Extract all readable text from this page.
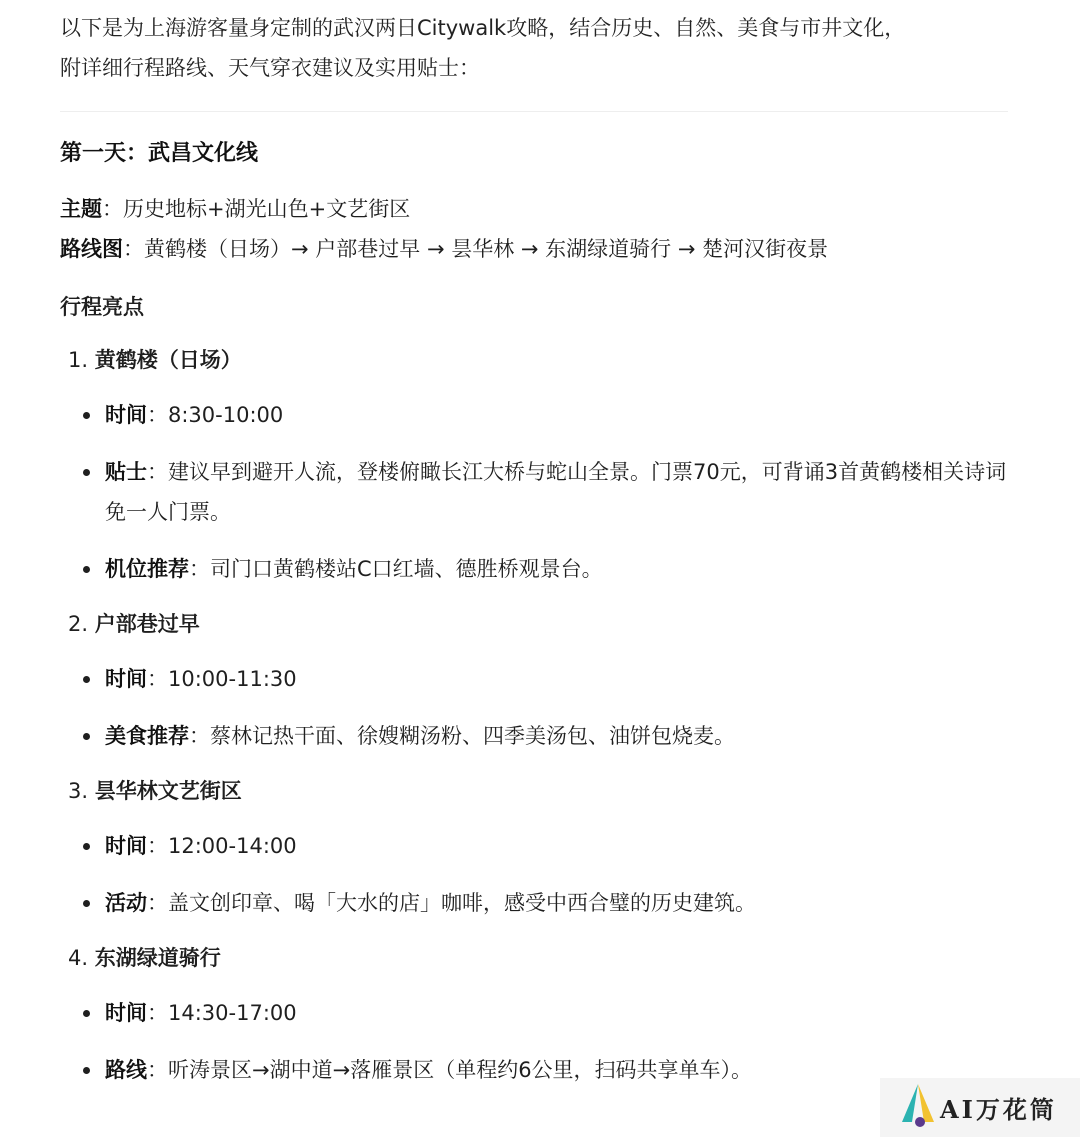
以下是为上海游客量身定制的武汉两日Citywalk攻略，结合历史、自然、美食与市井文化，
附详细行程路线、天气穿衣建议及实用贴士：
第一天：武昌文化线
主题：历史地标+湖光山色+文艺街区
路线图：黄鹤楼（日场）→ 户部巷过早 → 昙华林 → 东湖绿道骑行 → 楚河汉街夜景
行程亮点
1. 黄鹤楼（日场）
时间：8:30-10:00
贴士：建议早到避开人流，登楼俯瞰长江大桥与蛇山全景。门票70元，可背诵3首黄鹤楼相关诗词免一人门票。
机位推荐：司门口黄鹤楼站C口红墙、德胜桥观景台。
2. 户部巷过早
时间：10:00-11:30
美食推荐：蔡林记热干面、徐嫂糊汤粉、四季美汤包、油饼包烧麦。
3. 昙华林文艺街区
时间：12:00-14:00
活动：盖文创印章、喝「大水的店」咖啡，感受中西合璧的历史建筑。
4. 东湖绿道骑行
时间：14:30-17:00
路线：听涛景区→湖中道→落雁景区（单程约6公里，扫码共享单车）。
AI万花筒
